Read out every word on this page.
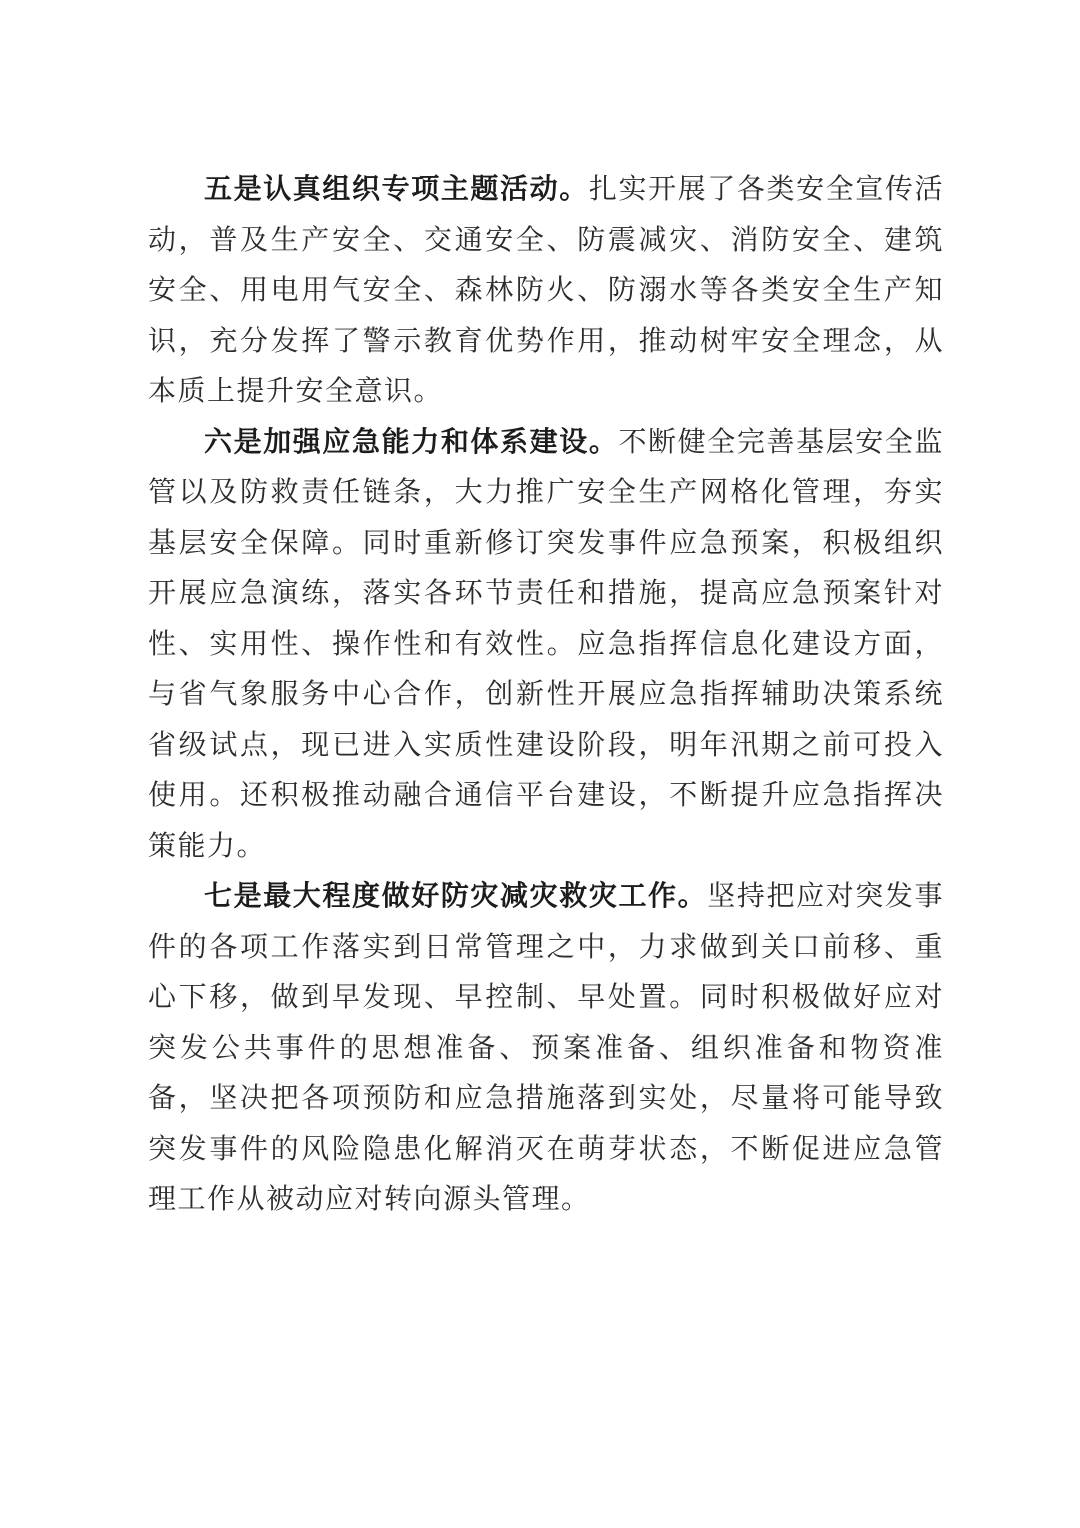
五是认真组织专项主题活动。扎实开展了各类安全宣传活动，普及生产安全、交通安全、防震减灾、消防安全、建筑安全、用电用气安全、森林防火、防溺水等各类安全生产知识，充分发挥了警示教育优势作用，推动树牢安全理念，从本质上提升安全意识。

六是加强应急能力和体系建设。不断健全完善基层安全监管以及防救责任链条，大力推广安全生产网格化管理，夯实基层安全保障。同时重新修订突发事件应急预案，积极组织开展应急演练，落实各环节责任和措施，提高应急预案针对性、实用性、操作性和有效性。应急指挥信息化建设方面，与省气象服务中心合作，创新性开展应急指挥辅助决策系统省级试点，现已进入实质性建设阶段，明年汛期之前可投入使用。还积极推动融合通信平台建设，不断提升应急指挥决策能力。

七是最大程度做好防灾减灾救灾工作。坚持把应对突发事件的各项工作落实到日常管理之中，力求做到关口前移、重心下移，做到早发现、早控制、早处置。同时积极做好应对突发公共事件的思想准备、预案准备、组织准备和物资准备，坚决把各项预防和应急措施落到实处，尽量将可能导致突发事件的风险隐患化解消灭在萌芽状态，不断促进应急管理工作从被动应对转向源头管理。
